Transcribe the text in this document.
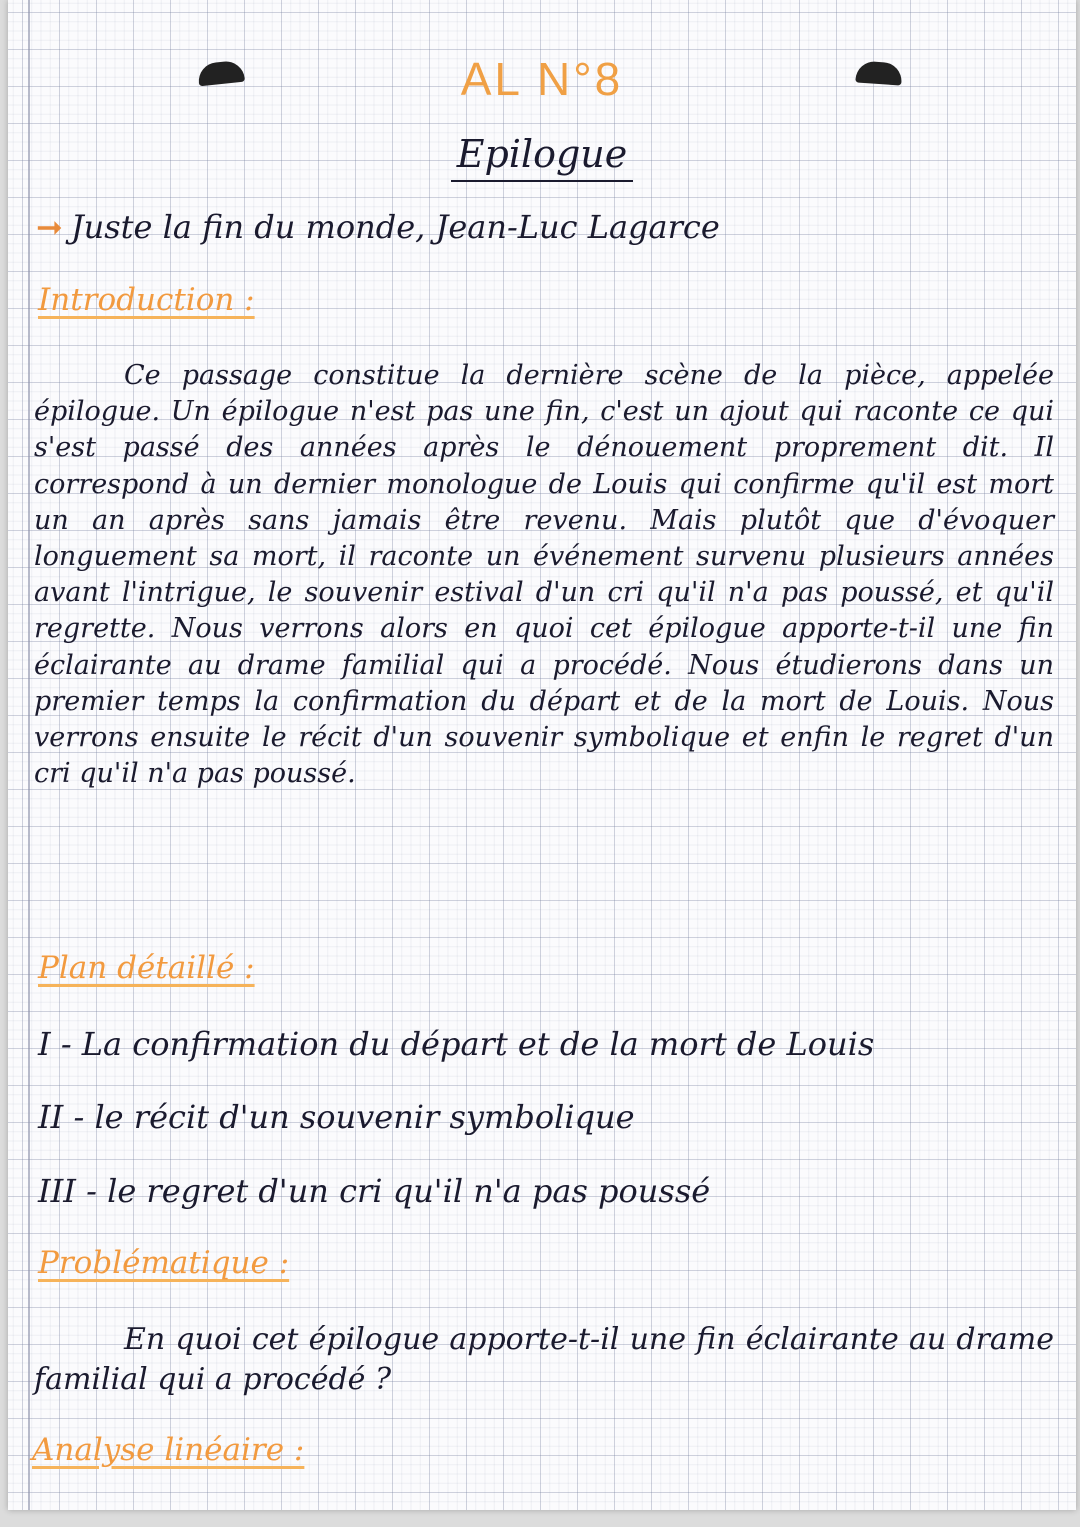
AL N°8

Epilogue

➞ Juste la fin du monde, Jean-Luc Lagarce

Introduction :

Ce passage constitue la dernière scène de la pièce, appelée épilogue. Un épilogue n'est pas une fin, c'est un ajout qui raconte ce qui s'est passé des années après le dénouement proprement dit. Il correspond à un dernier monologue de Louis qui confirme qu'il est mort un an après sans jamais être revenu. Mais plutôt que d'évoquer longuement sa mort, il raconte un événement survenu plusieurs années avant l'intrigue, le souvenir estival d'un cri qu'il n'a pas poussé, et qu'il regrette. Nous verrons alors en quoi cet épilogue apporte-t-il une fin éclairante au drame familial qui a procédé. Nous étudierons dans un premier temps la confirmation du départ et de la mort de Louis. Nous verrons ensuite le récit d'un souvenir symbolique et enfin le regret d'un cri qu'il n'a pas poussé.

Plan détaillé :

I - La confirmation du départ et de la mort de Louis

II - le récit d'un souvenir symbolique

III - le regret d'un cri qu'il n'a pas poussé

Problématique :

En quoi cet épilogue apporte-t-il une fin éclairante au drame familial qui a procédé ?

Analyse linéaire :
